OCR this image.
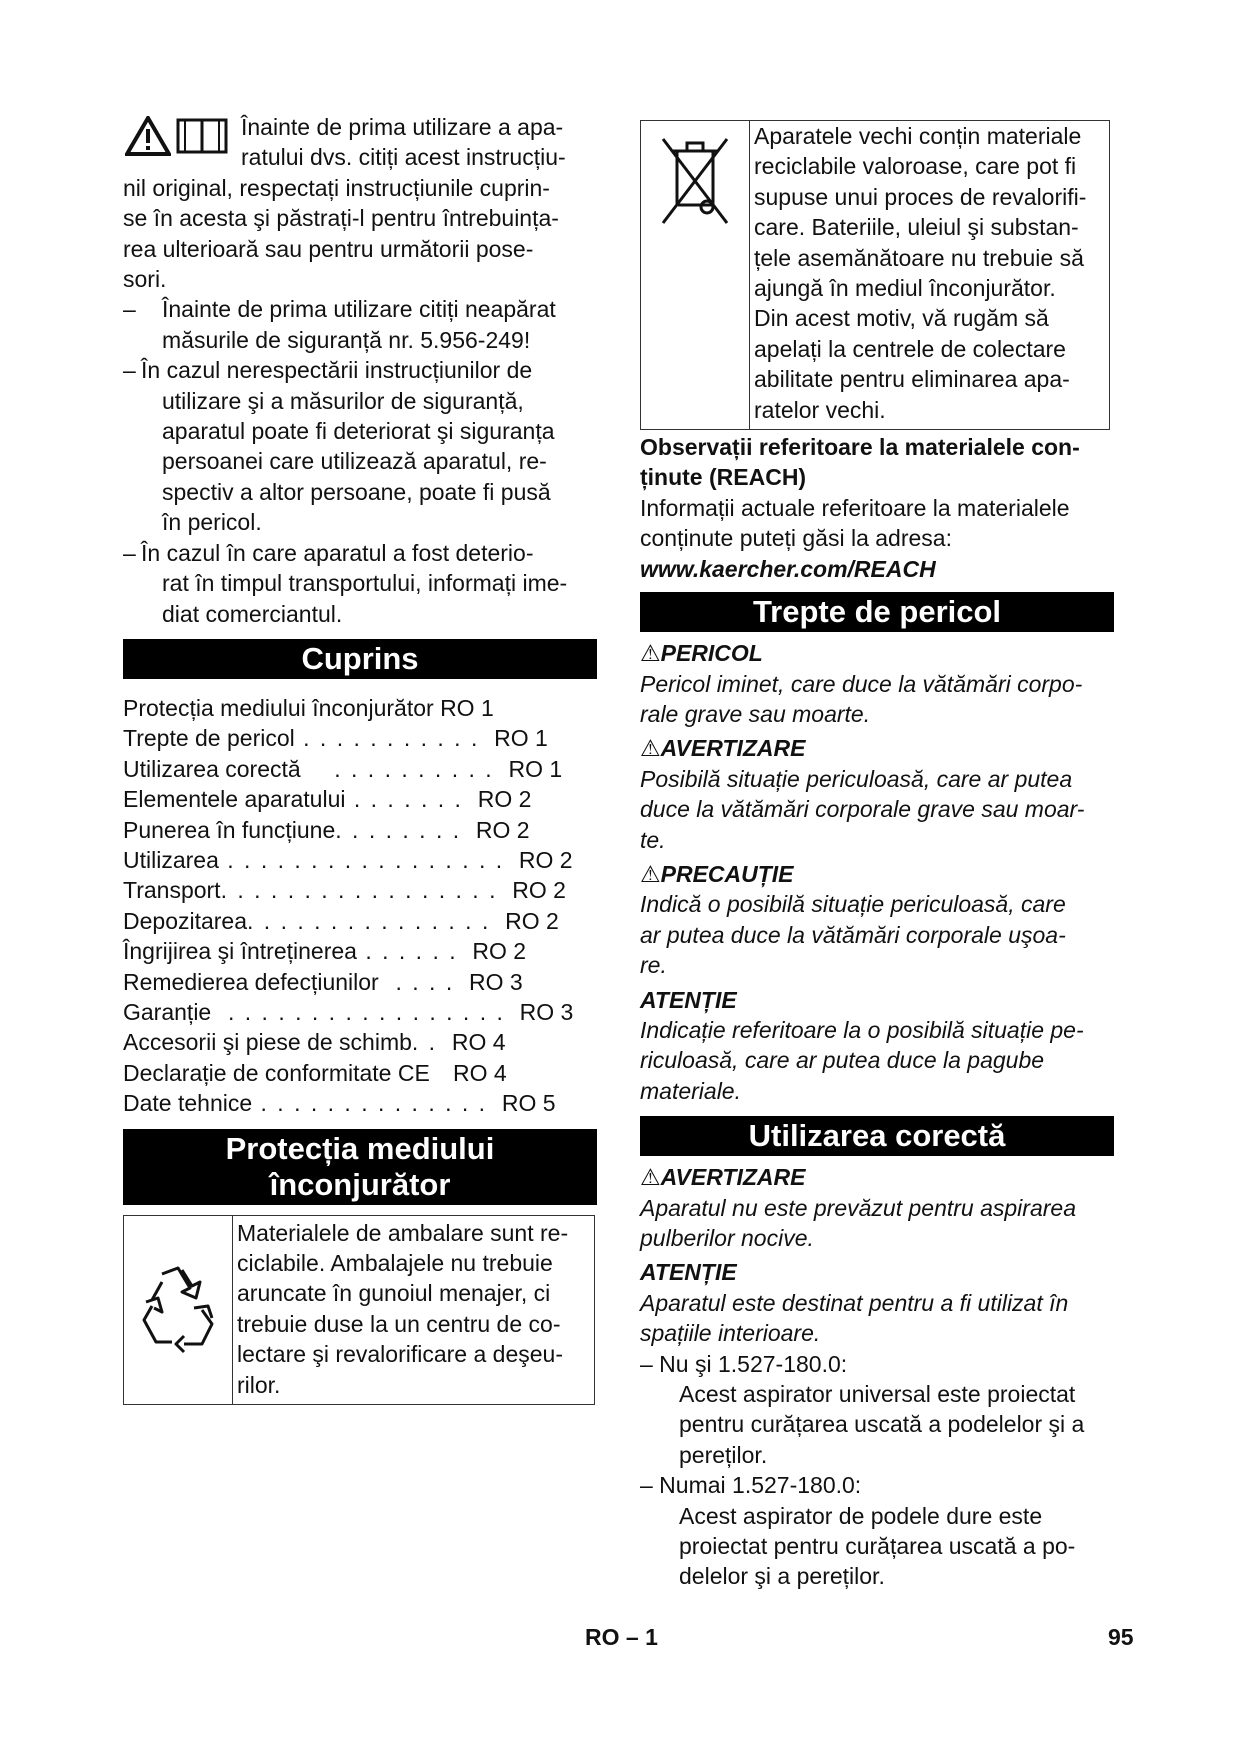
Înainte de prima utilizare a apa-

ratului dvs. citiți acest instrucțiu-

nil original, respectați instrucțiunile cuprin-

se în acesta şi păstrați-l pentru întrebuința-

rea ulterioară sau pentru următorii pose-

sori.

– Înainte de prima utilizare citiți neapărat
măsurile de siguranță nr. 5.956-249!
– În cazul nerespectării instrucțiunilor de
utilizare şi a măsurilor de siguranță,
aparatul poate fi deteriorat şi siguranța
persoanei care utilizează aparatul, re-
spectiv a altor persoane, poate fi pusă
în pericol.
– În cazul în care aparatul a fost deterio-
rat în timpul transportului, informați ime-
diat comerciantul.
Cuprins
Protecția mediului înconjurător
RO 1
Trepte de pericol . . . . . . . . . . .
RO 1
Utilizarea corectă . . . . . . . . . .
RO 1
Elementele aparatului . . . . . . .
RO 2
Punerea în funcțiune . . . . . . . .
RO 2
Utilizarea . . . . . . . . . . . . . . . . .
RO 2
Transport . . . . . . . . . . . . . . . . .
RO 2
Depozitarea . . . . . . . . . . . . . . .
RO 2
Îngrijirea şi întreținerea . . . . . .
RO 2
Remedierea defecțiunilor . . . .
RO 3
Garanție . . . . . . . . . . . . . . . . .
RO 3
Accesorii şi piese de schimb . .
RO 4
Declarație de conformitate CE

RO 4
Date tehnice . . . . . . . . . . . . . .
RO 5
Protecția mediului
înconjurător
Materialele de ambalare sunt re-
ciclabile. Ambalajele nu trebuie
aruncate în gunoiul menajer, ci
trebuie duse la un centru de co-
lectare şi revalorificare a deşeu-
rilor.
Aparatele vechi conțin materiale
reciclabile valoroase, care pot fi
supuse unui proces de revalorifi-
care. Bateriile, uleiul şi substan-
țele asemănătoare nu trebuie să
ajungă în mediul înconjurător.
Din acest motiv, vă rugăm să
apelați la centrele de colectare
abilitate pentru eliminarea apa-
ratelor vechi.

Observații referitoare la materialele con-

ținute (REACH)

Informații actuale referitoare la materialele

conținute puteți găsi la adresa:

www.kaercher.com/REACH

Trepte de pericol
⚠PERICOL

Pericol iminet, care duce la vătămări corpo-

rale grave sau moarte.

⚠AVERTIZARE

Posibilă situație periculoasă, care ar putea

duce la vătămări corporale grave sau moar-

te.

⚠PRECAUȚIE

Indică o posibilă situație periculoasă, care

ar putea duce la vătămări corporale uşoa-

re.

ATENȚIE

Indicație referitoare la o posibilă situație pe-

riculoasă, care ar putea duce la pagube

materiale.

Utilizarea corectă
⚠AVERTIZARE

Aparatul nu este prevăzut pentru aspirarea

pulberilor nocive.

ATENȚIE

Aparatul este destinat pentru a fi utilizat în

spațiile interioare.

– Nu şi 1.527-180.0:

Acest aspirator universal este proiectat

pentru curățarea uscată a podelelor şi a

pereților.

– Numai 1.527-180.0:

Acest aspirator de podele dure este

proiectat pentru curățarea uscată a po-

delelor şi a pereților.

RO – 1	95
